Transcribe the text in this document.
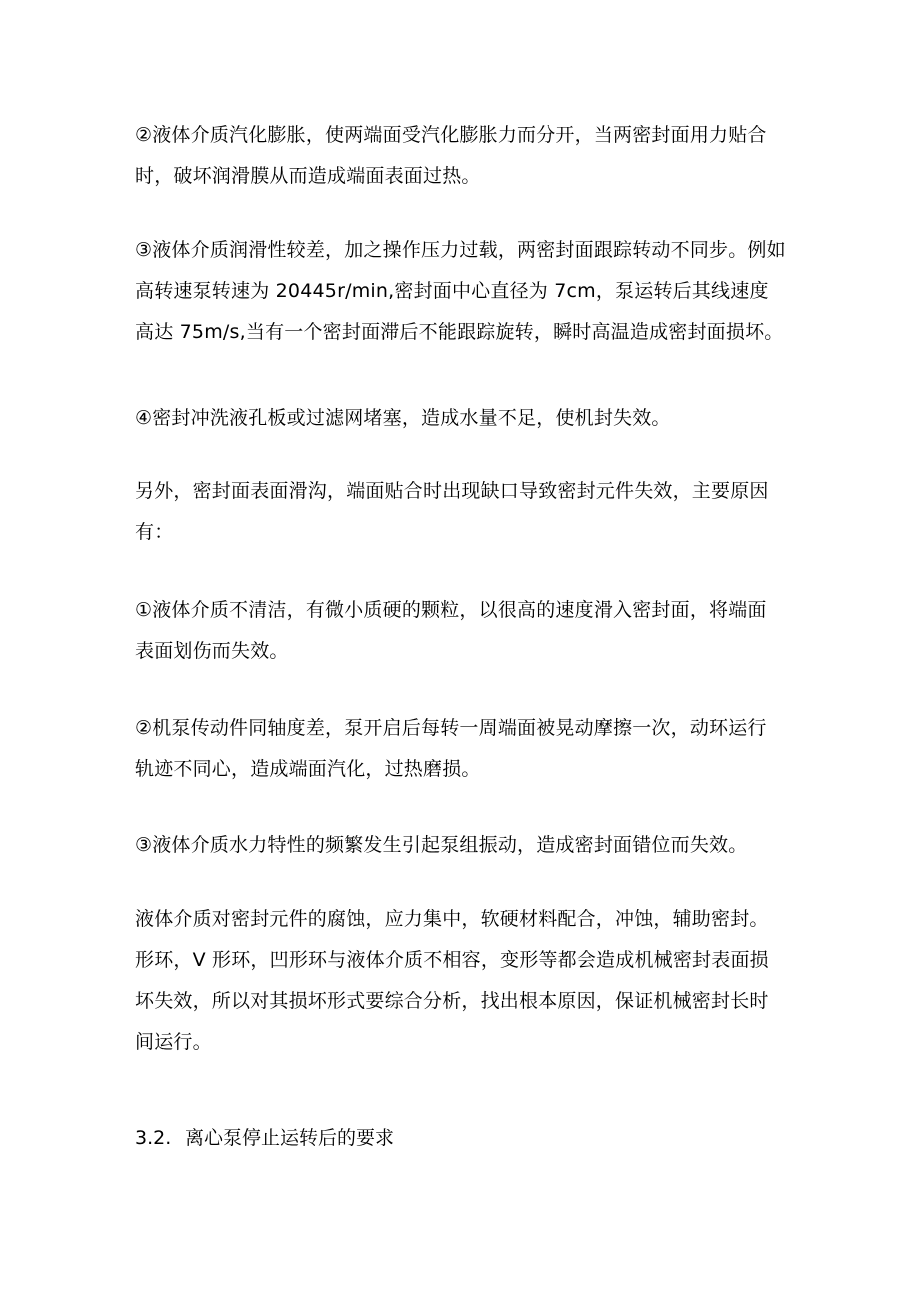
②液体介质汽化膨胀，使两端面受汽化膨胀力而分开，当两密封面用力贴合
时，破坏润滑膜从而造成端面表面过热。

③液体介质润滑性较差，加之操作压力过载，两密封面跟踪转动不同步。例如
高转速泵转速为 20445r/min,密封面中心直径为 7cm，泵运转后其线速度
高达 75m/s,当有一个密封面滞后不能跟踪旋转，瞬时高温造成密封面损坏。

④密封冲洗液孔板或过滤网堵塞，造成水量不足，使机封失效。

另外，密封面表面滑沟，端面贴合时出现缺口导致密封元件失效，主要原因
有：

①液体介质不清洁，有微小质硬的颗粒，以很高的速度滑入密封面，将端面
表面划伤而失效。

②机泵传动件同轴度差，泵开启后每转一周端面被晃动摩擦一次，动环运行
轨迹不同心，造成端面汽化，过热磨损。

③液体介质水力特性的频繁发生引起泵组振动，造成密封面错位而失效。

液体介质对密封元件的腐蚀，应力集中，软硬材料配合，冲蚀，辅助密封。
形环，V 形环，凹形环与液体介质不相容，变形等都会造成机械密封表面损
坏失效，所以对其损坏形式要综合分析，找出根本原因，保证机械密封长时
间运行。

3.2. 离心泵停止运转后的要求
